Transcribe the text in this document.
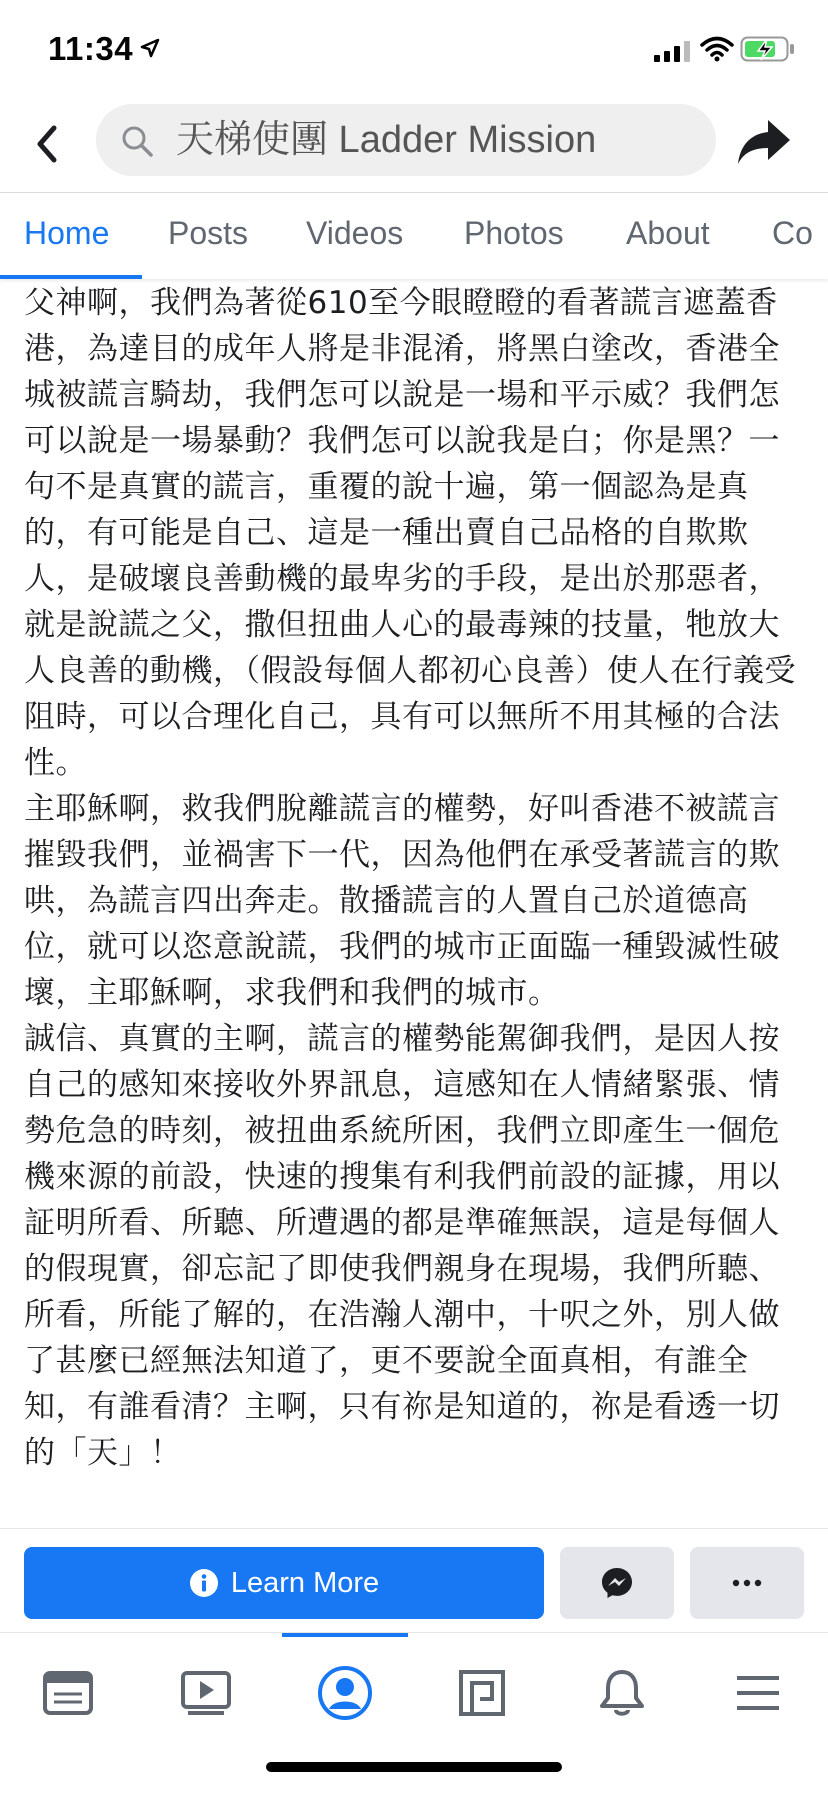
11:34
天梯使團 Ladder Mission
Home Posts Videos Photos About Co

父神啊，我們為著從610至今眼瞪瞪的看著謊言遮蓋香港，為達目的成年人將是非混淆，將黑白塗改，香港全城被謊言騎劫，我們怎可以說是一場和平示威？我們怎可以說是一場暴動？我們怎可以說我是白；你是黑？一句不是真實的謊言，重覆的說十遍，第一個認為是真的，有可能是自己、這是一種出賣自己品格的自欺欺人，是破壞良善動機的最卑劣的手段，是出於那惡者，就是說謊之父，撒但扭曲人心的最毒辣的技量，牠放大人良善的動機，（假設每個人都初心良善）使人在行義受阻時，可以合理化自己，具有可以無所不用其極的合法性。

主耶穌啊，救我們脫離謊言的權勢，好叫香港不被謊言摧毀我們，並禍害下一代，因為他們在承受著謊言的欺哄，為謊言四出奔走。散播謊言的人置自己於道德高位，就可以恣意說謊，我們的城市正面臨一種毀滅性破壞，主耶穌啊，求我們和我們的城市。

誠信、真實的主啊，謊言的權勢能駕御我們，是因人按自己的感知來接收外界訊息，這感知在人情緒緊張、情勢危急的時刻，被扭曲系統所困，我們立即產生一個危機來源的前設，快速的搜集有利我們前設的証據，用以証明所看、所聽、所遭遇的都是準確無誤，這是每個人的假現實，卻忘記了即使我們親身在現場，我們所聽、所看，所能了解的，在浩瀚人潮中，十呎之外，別人做了甚麼已經無法知道了，更不要說全面真相，有誰全知，有誰看清？主啊，只有祢是知道的，祢是看透一切的「天」！

Learn More
